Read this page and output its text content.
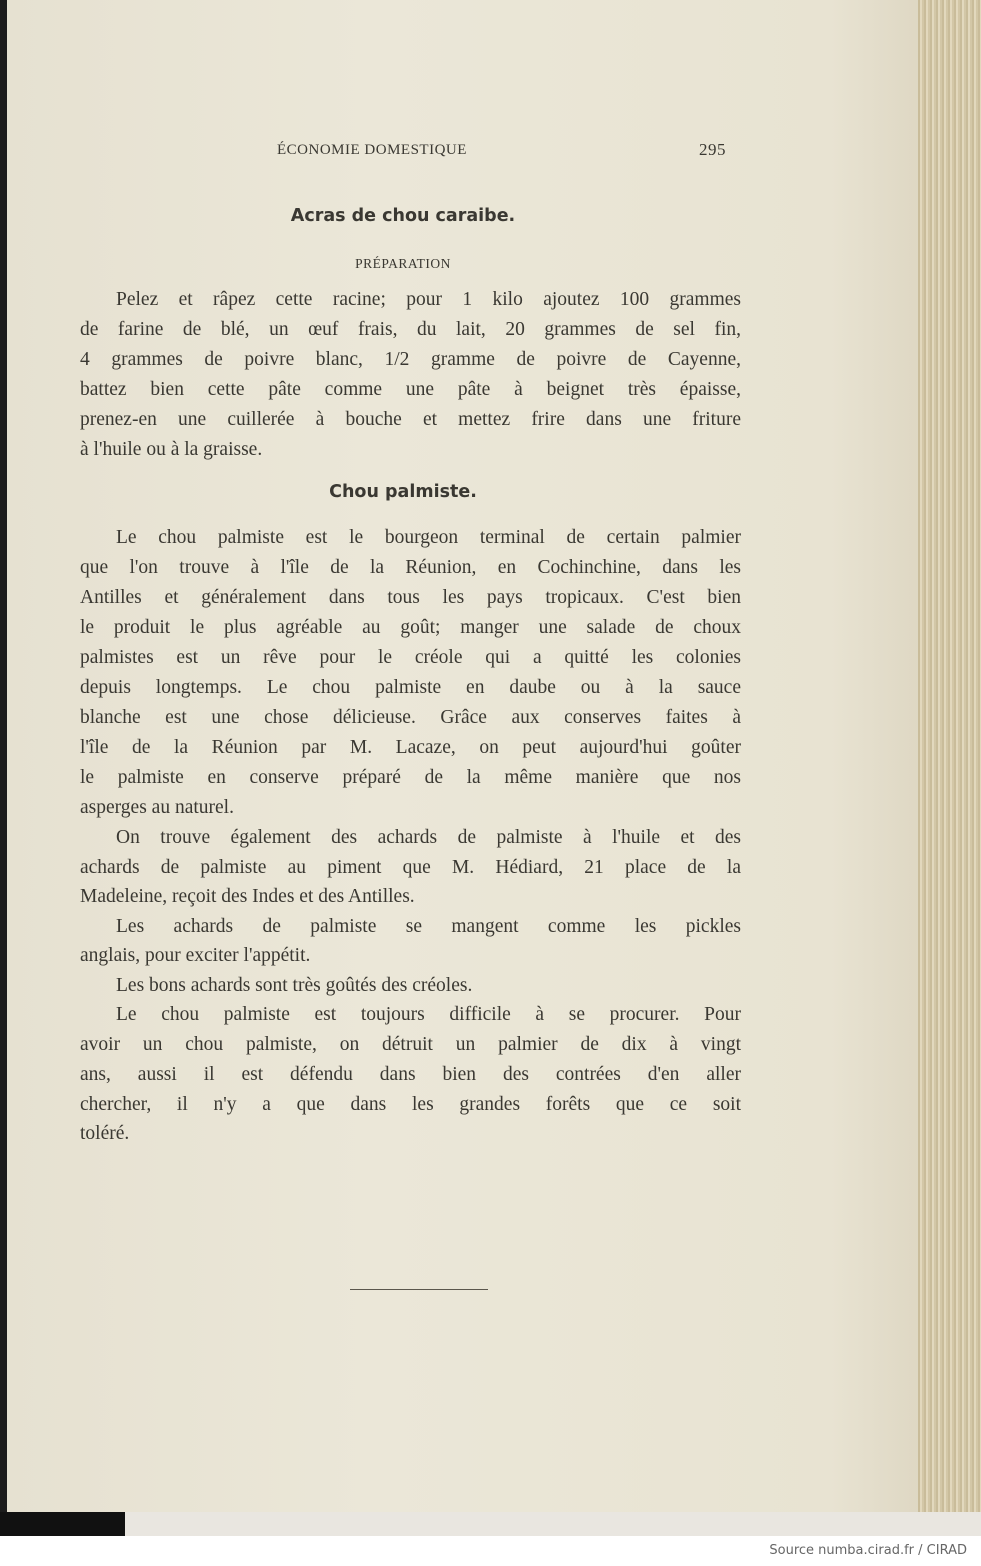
ÉCONOMIE DOMESTIQUE	295
Acras de chou caraibe.
PRÉPARATION
Pelez et râpez cette racine; pour 1 kilo ajoutez 100 grammes
de farine de blé, un œuf frais, du lait, 20 grammes de sel fin,
4 grammes de poivre blanc, 1/2 gramme de poivre de Cayenne,
battez bien cette pâte comme une pâte à beignet très épaisse,
prenez-en une cuillerée à bouche et mettez frire dans une friture
à l'huile ou à la graisse.
Chou palmiste.
Le chou palmiste est le bourgeon terminal de certain palmier
que l'on trouve à l'île de la Réunion, en Cochinchine, dans les
Antilles et généralement dans tous les pays tropicaux. C'est bien
le produit le plus agréable au goût; manger une salade de choux
palmistes est un rêve pour le créole qui a quitté les colonies
depuis longtemps. Le chou palmiste en daube ou à la sauce
blanche est une chose délicieuse. Grâce aux conserves faites à
l'île de la Réunion par M. Lacaze, on peut aujourd'hui goûter
le palmiste en conserve préparé de la même manière que nos
asperges au naturel.
On trouve également des achards de palmiste à l'huile et des
achards de palmiste au piment que M. Hédiard, 21 place de la
Madeleine, reçoit des Indes et des Antilles.
Les achards de palmiste se mangent comme les pickles
anglais, pour exciter l'appétit.
Les bons achards sont très goûtés des créoles.
Le chou palmiste est toujours difficile à se procurer. Pour
avoir un chou palmiste, on détruit un palmier de dix à vingt
ans, aussi il est défendu dans bien des contrées d'en aller
chercher, il n'y a que dans les grandes forêts que ce soit
toléré.
Source numba.cirad.fr / CIRAD
